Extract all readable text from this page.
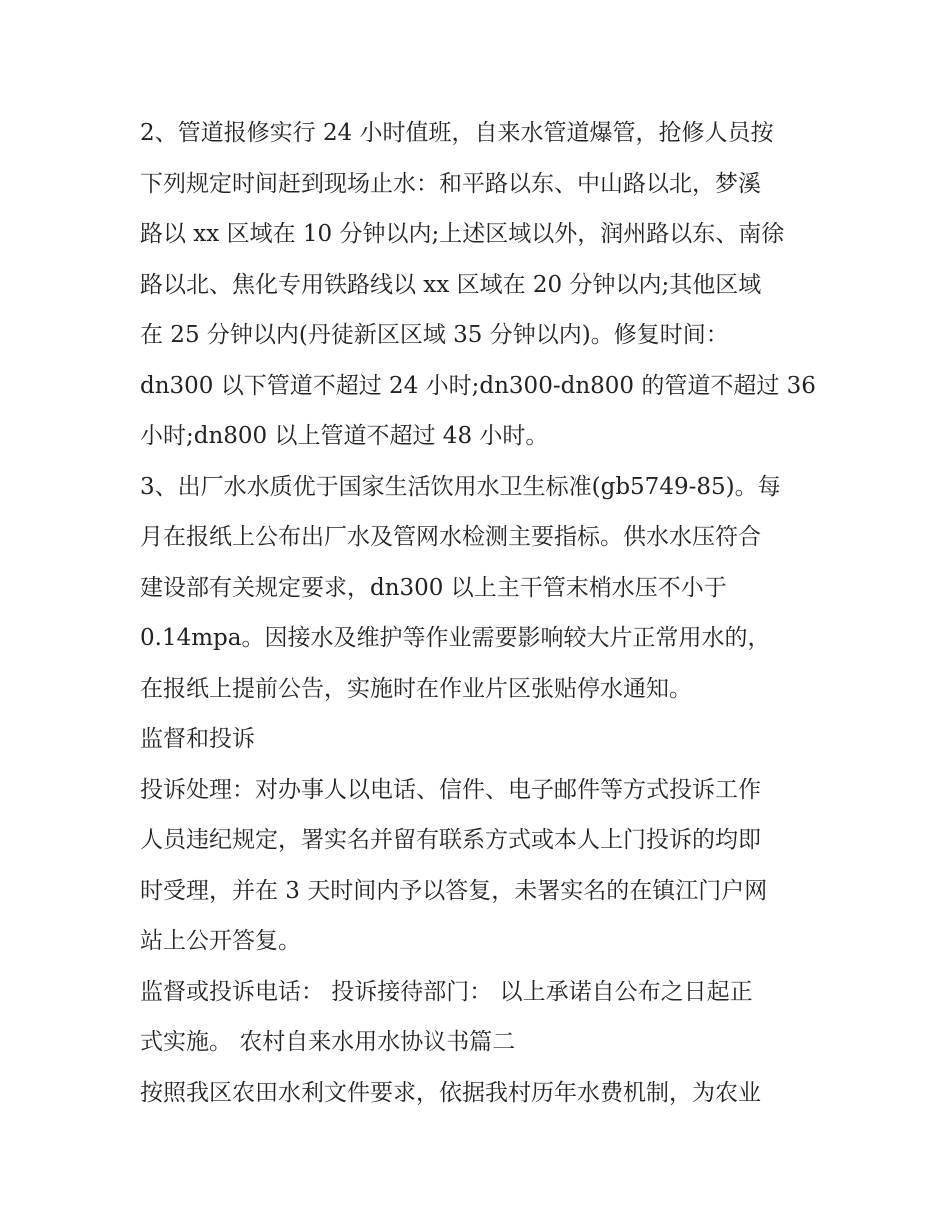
2、管道报修实行 24 小时值班，自来水管道爆管，抢修人员按
下列规定时间赶到现场止水：和平路以东、中山路以北，梦溪
路以 xx 区域在 10 分钟以内;上述区域以外，润州路以东、南徐
路以北、焦化专用铁路线以 xx 区域在 20 分钟以内;其他区域
在 25 分钟以内(丹徒新区区域 35 分钟以内)。修复时间：
dn300 以下管道不超过 24 小时;dn300-dn800 的管道不超过 36
小时;dn800 以上管道不超过 48 小时。
3、出厂水水质优于国家生活饮用水卫生标准(gb5749-85)。每
月在报纸上公布出厂水及管网水检测主要指标。供水水压符合
建设部有关规定要求，dn300 以上主干管末梢水压不小于
0.14mpa。因接水及维护等作业需要影响较大片正常用水的，
在报纸上提前公告，实施时在作业片区张贴停水通知。
监督和投诉
投诉处理：对办事人以电话、信件、电子邮件等方式投诉工作
人员违纪规定，署实名并留有联系方式或本人上门投诉的均即
时受理，并在 3 天时间内予以答复，未署实名的在镇江门户网
站上公开答复。
监督或投诉电话： 投诉接待部门： 以上承诺自公布之日起正
式实施。 农村自来水用水协议书篇二
按照我区农田水利文件要求，依据我村历年水费机制，为农业
